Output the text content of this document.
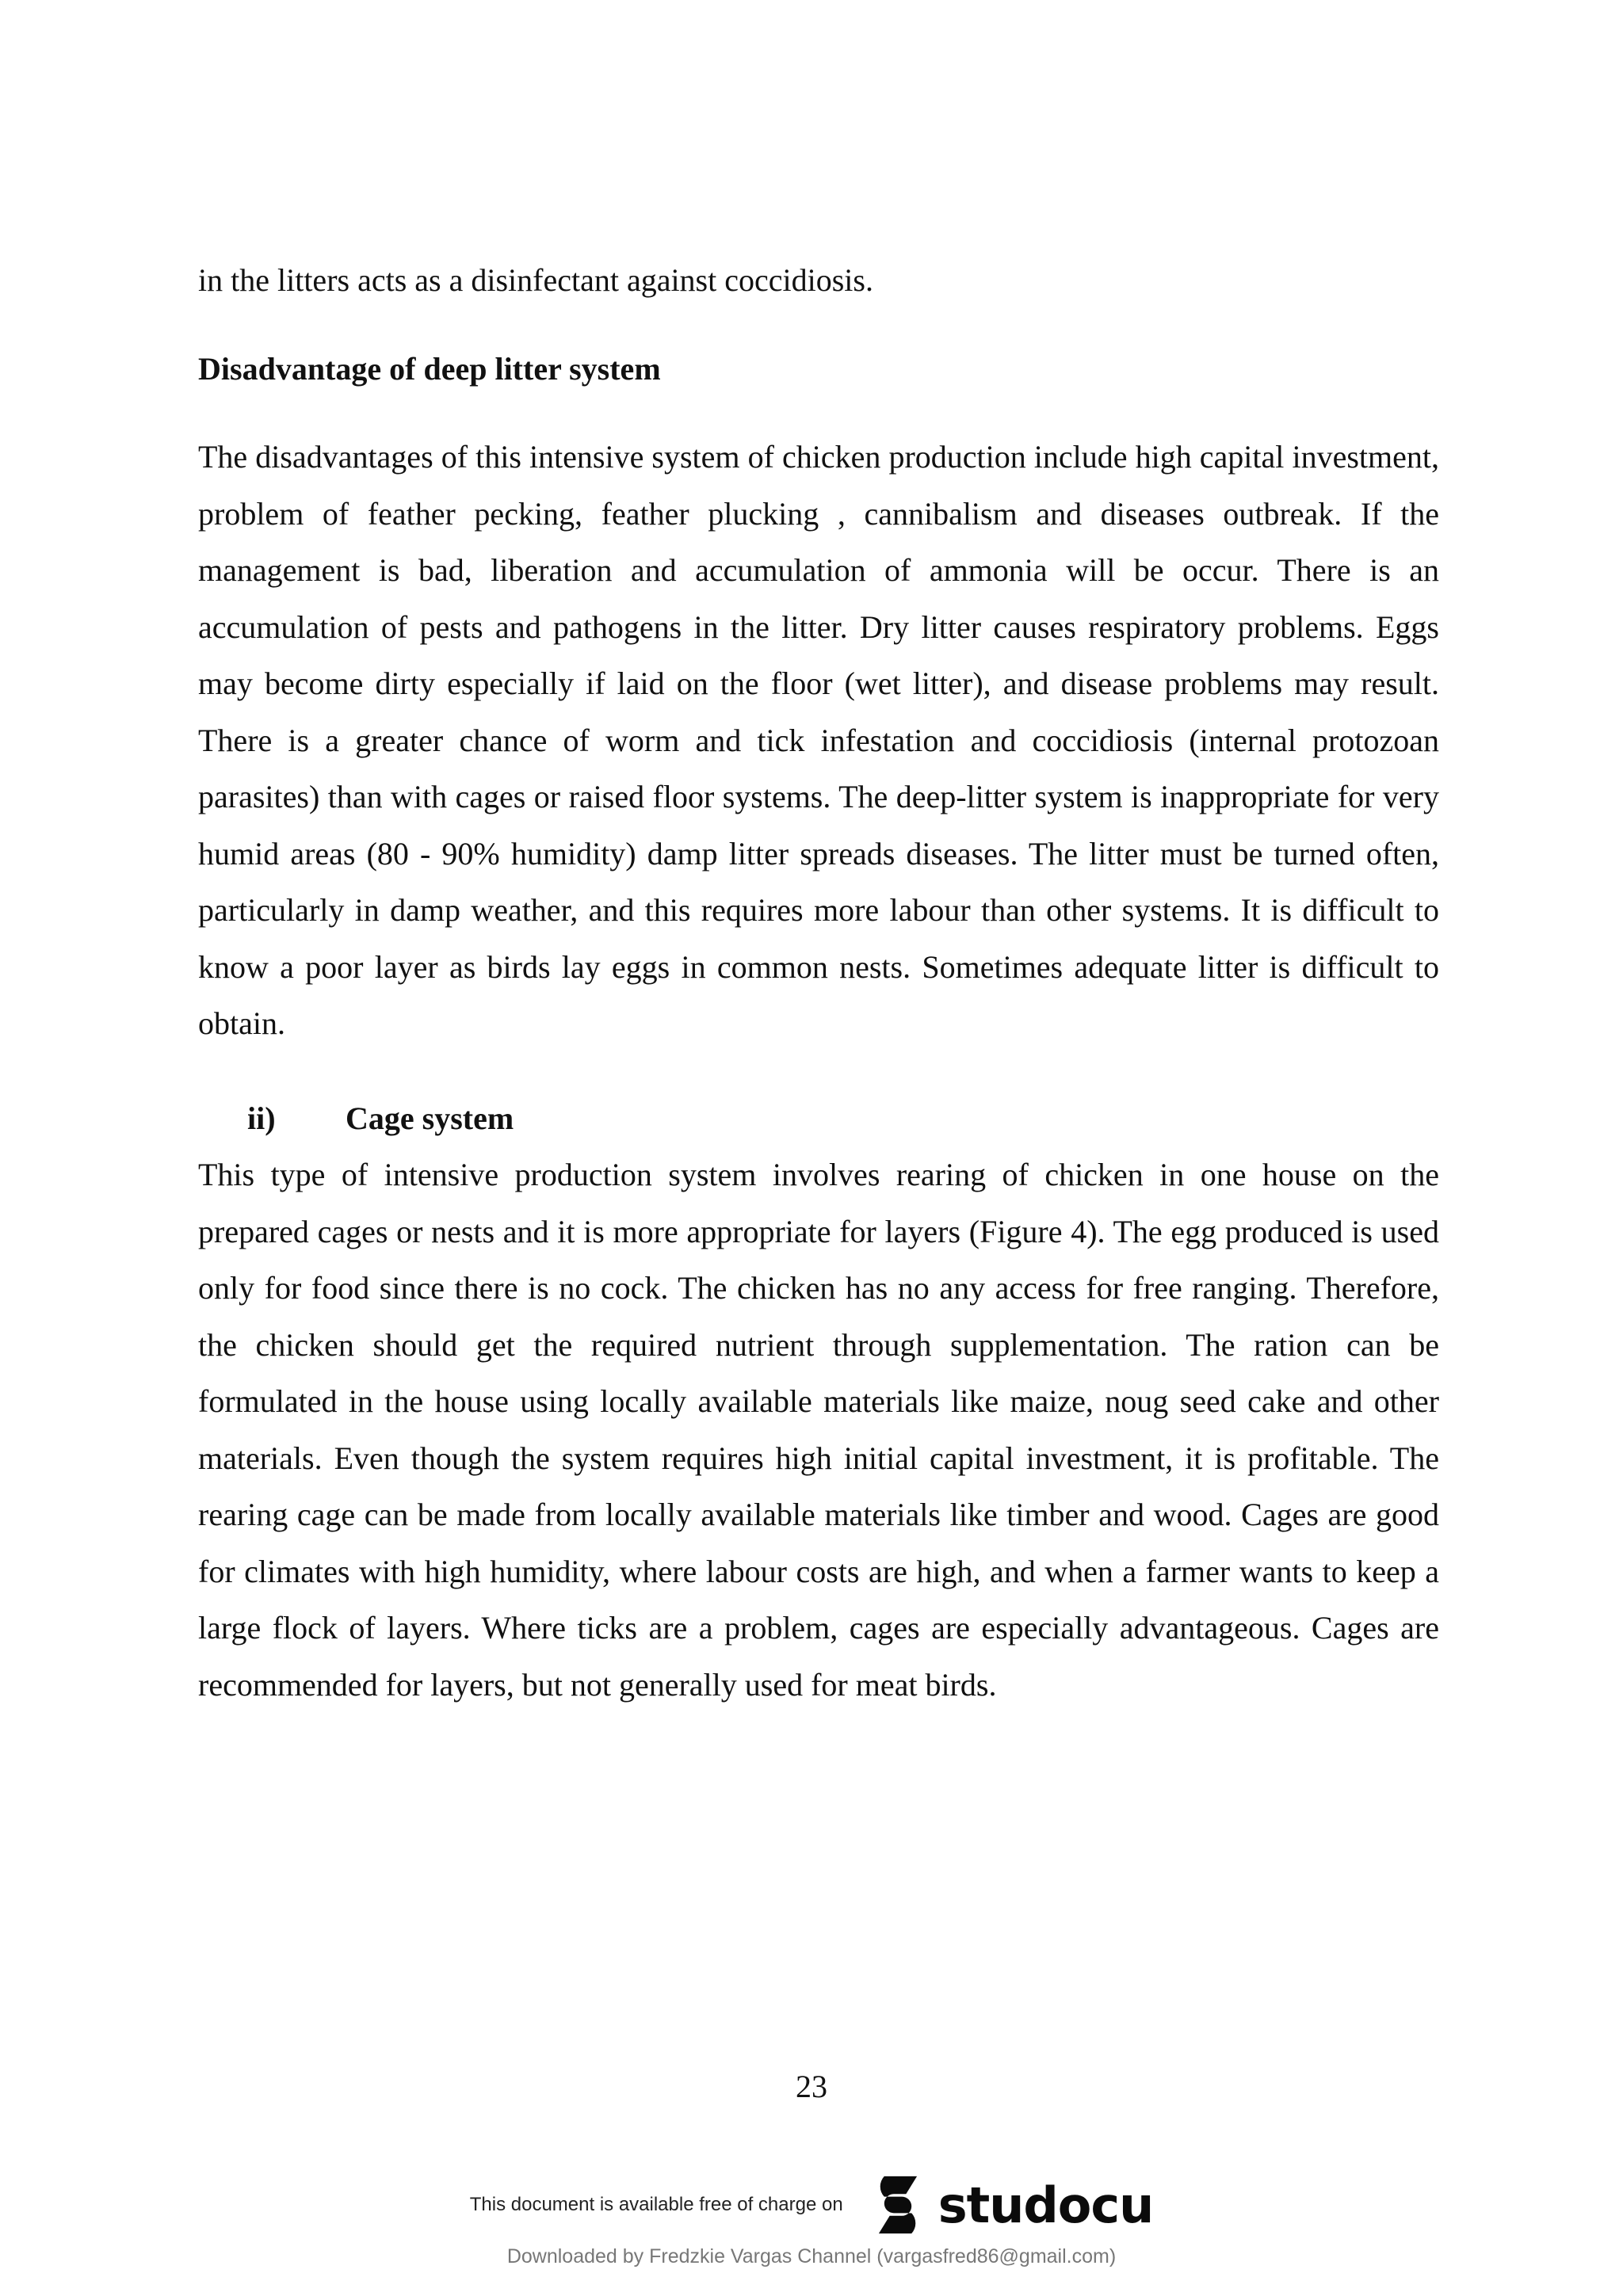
in the litters acts as a disinfectant against coccidiosis.

Disadvantage of deep litter system

The disadvantages of this intensive system of chicken production include high capital investment, problem of feather pecking, feather plucking , cannibalism and diseases outbreak. If the management is bad, liberation and accumulation of ammonia will be occur. There is an accumulation of pests and pathogens in the litter. Dry litter causes respiratory problems. Eggs may become dirty especially if laid on the floor (wet litter), and disease problems may result. There is a greater chance of worm and tick infestation and coccidiosis (internal protozoan parasites) than with cages or raised floor systems. The deep-litter system is inappropriate for very humid areas (80 - 90% humidity) damp litter spreads diseases. The litter must be turned often, particularly in damp weather, and this requires more labour than other systems. It is difficult to know a poor layer as birds lay eggs in common nests. Sometimes adequate litter is difficult to obtain.

ii)	Cage system

This type of intensive production system involves rearing of chicken in one house on the prepared cages or nests and it is more appropriate for layers (Figure 4). The egg produced is used only for food since there is no cock. The chicken has no any access for free ranging. Therefore, the chicken should get the required nutrient through supplementation. The ration can be formulated in the house using locally available materials like maize, noug seed cake and other materials. Even though the system requires high initial capital investment, it is profitable. The rearing cage can be made from locally available materials like timber and wood. Cages are good for climates with high humidity, where labour costs are high, and when a farmer wants to keep a large flock of layers. Where ticks are a problem, cages are especially advantageous. Cages are recommended for layers, but not generally used for meat birds.

23
This document is available free of charge on studocu
Downloaded by Fredzkie Vargas Channel (vargasfred86@gmail.com)
